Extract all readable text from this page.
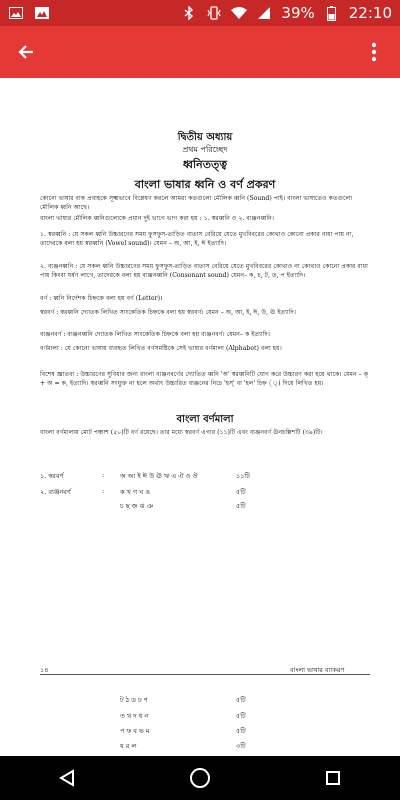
39% 22:10
দ্বিতীয় অধ্যায়
প্রথম পরিচ্ছেদ
ধ্বনিতত্ত্ব
বাংলা ভাষার ধ্বনি ও বর্ণ প্রকরণ
কোনো ভাষার বাক প্রবাহকে সূক্ষ্মভাবে বিশ্লেষণ করলে আমরা কতগুলো মৌলিক ধ্বনি (Sound) পাই। বাংলা ভাষাতেও কতগুলো মৌলিক ধ্বনি আছে।
বাংলা ভাষার মৌলিক ধ্বনিগুলোকে প্রধান দুই ভাগে ভাগ করা হয় : ১. স্বরধ্বনি ও ২. ব্যঞ্জনধ্বনি।
১. স্বরধ্বনি : যে সকল ধ্বনি উচ্চারণের সময় ফুসফুস-তাড়িত বাতাস বেরিয়ে যেতে মুখবিবরের কোথাও কোনো প্রকার বাধা পায় না, তাদেরকে বলা হয় স্বরধ্বনি (Vowel sound)। যেমন – অ, আ, ই, ঈ ইত্যাদি।
২. ব্যঞ্জনধ্বনি : যে সকল ধ্বনি উচ্চারণের সময় ফুসফুস-তাড়িত বাতাস বেরিয়ে যেতে মুখবিবরের কোথাও না কোথাও কোনো প্রকার বাধা পায় কিংবা ঘর্ষণ লাগে, তাদেরকে বলা হয় ব্যঞ্জনধ্বনি (Consonant sound) যেমন– ক, চ, ট, ত, প ইত্যাদি।
বর্ণ : ধ্বনি নির্দেশক চিহ্নকে বলা হয় বর্ণ (Letter)।
স্বরবর্ণ : স্বরধ্বনি দ্যোতক লিখিত সাংকেতিক চিহ্নকে বলা হয় স্বরবর্ণ। যেমন – অ, আ, ই, ঈ, উ, ঊ ইত্যাদি।
ব্যঞ্জনবর্ণ : ব্যঞ্জনধ্বনি দ্যোতক লিখিত সাংকেতিক চিহ্নকে বলা হয় ব্যঞ্জনবর্ণ। যেমন– ক ইত্যাদি।
বর্ণমালা : যে কোনো ভাষায় ব্যবহৃত লিখিত বর্ণসমষ্টিকে সেই ভাষার বর্ণমালা (Alphabet) বলা হয়।
বিশেষ জ্ঞাতব্য : উচ্চারণের সুবিধার জন্য বাংলা ব্যঞ্জনবর্ণের দ্যোতিত ধ্বনি 'অ' স্বরধ্বনিটি যোগ করে উচ্চারণ করা হয়ে থাকে। যেমন – ক্ + অ = ক, ইত্যাদি। স্বরধ্বনি সংযুক্ত না হলে অর্থাৎ উচ্চারিত ব্যঞ্জনের নিচে 'হস্' বা 'হল' চিহ্ন (্) দিয়ে লিখিত হয়।
বাংলা বর্ণমালা
বাংলা বর্ণমালায় মোট পঞ্চাশ (৫০)টি বর্ণ রয়েছে। তার মধ্যে স্বরবর্ণ এগার (১১)টি এবং ব্যঞ্জনবর্ণ ঊনচল্লিশটি (৩৯)টি।
১. স্বরবর্ণ	: অ আ ই ঈ উ ঊ ঋ এ ঐ ও ঔ	১১টি
২. ব্যঞ্জনবর্ণ	: ক খ গ ঘ ঙ	৫টি
চ ছ জ ঝ ঞ	৫টি
১৪	বাংলা ভাষার ব্যাকরণ
ট ঠ ড ঢ ণ	৫টি
ত থ দ ধ ন	৫টি
প ফ ব ভ ম	৫টি
য র ল	৩টি
